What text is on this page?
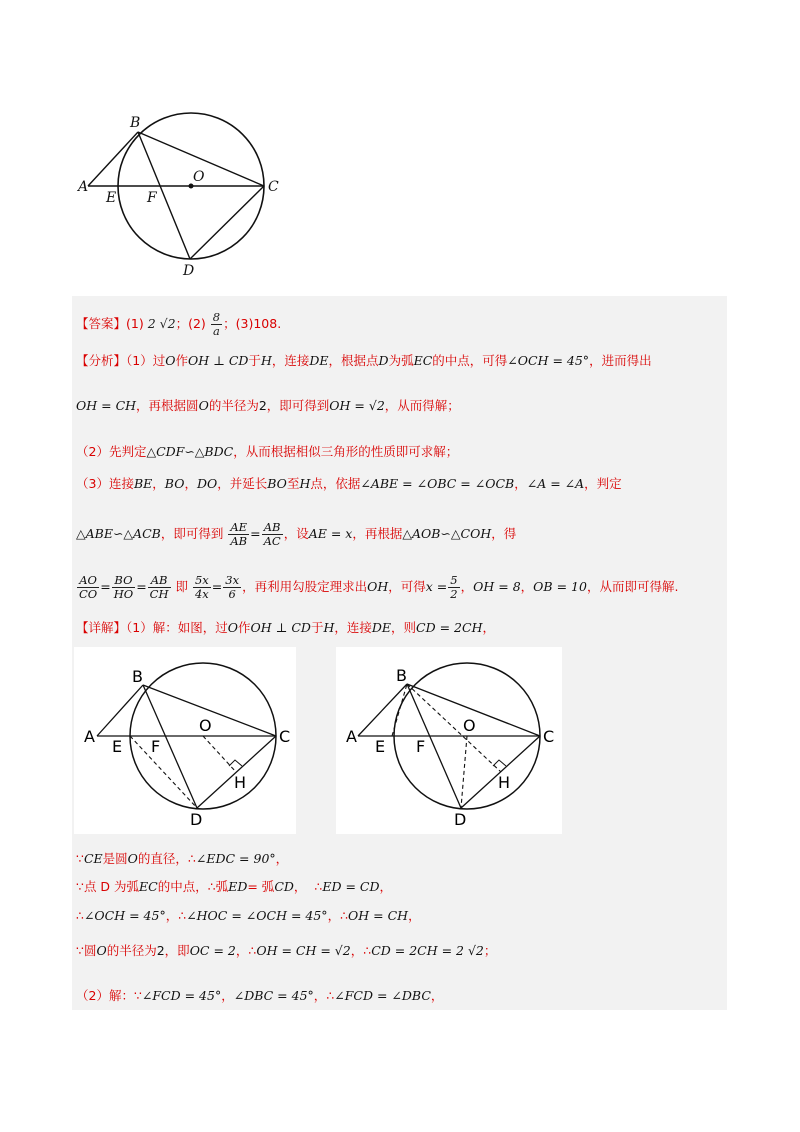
A
B
C
D
E F
O
【答案】(1) 2 √2；$(2) \frac{8}{a}$ ；(3)108.
【分析】（1）过O作OH ⊥ CD于H，连接DE，根据点D为弧EC的中点，可得∠OCH = 45°，进而得出
OH = CH，再根据圆O的半径为2，即可得到OH = √2，从而得解；
（2）先判定△CDF∽△BDC，从而根据相似三角形的性质即可求解；
（3）连接BE，BO，DO，并延长BO至H点，依据∠ABE = ∠OBC = ∠OCB，∠A = ∠A，判定
△ABE∽△ACB，即可得到 $\frac{AE}{AB} = \frac{AB}{AC}$ ，设AE = x，再根据△AOB∽△COH，得
$\frac{AO}{CO} = \frac{BO}{HO} = \frac{AB}{CH}$ 即 $\frac{5x}{4x} = \frac{3x}{6}$ ，再利用勾股定理求出OH，可得$x = \frac{5}{2}$ ，OH = 8，OB = 10，从而即可得解.
【详解】（1）解：如图，过O作OH ⊥ CD于H，连接DE，则CD = 2CH，
A
B
C
D
E F
O
H
A
B
C
D
E F
O
H
∵CE是圆O的直径，∴∠EDC = 90°，
∵点 D 为弧EC的中点，∴弧ED= 弧CD， ∴ED = CD，
∴∠OCH = 45°，∴∠HOC = ∠OCH = 45°，∴OH = CH，
∵圆O的半径为2，即OC = 2，∴OH = CH = √2，∴CD = 2CH = 2 √2；
（2）解：∵∠FCD = 45°，∠DBC = 45°，∴∠FCD = ∠DBC，
